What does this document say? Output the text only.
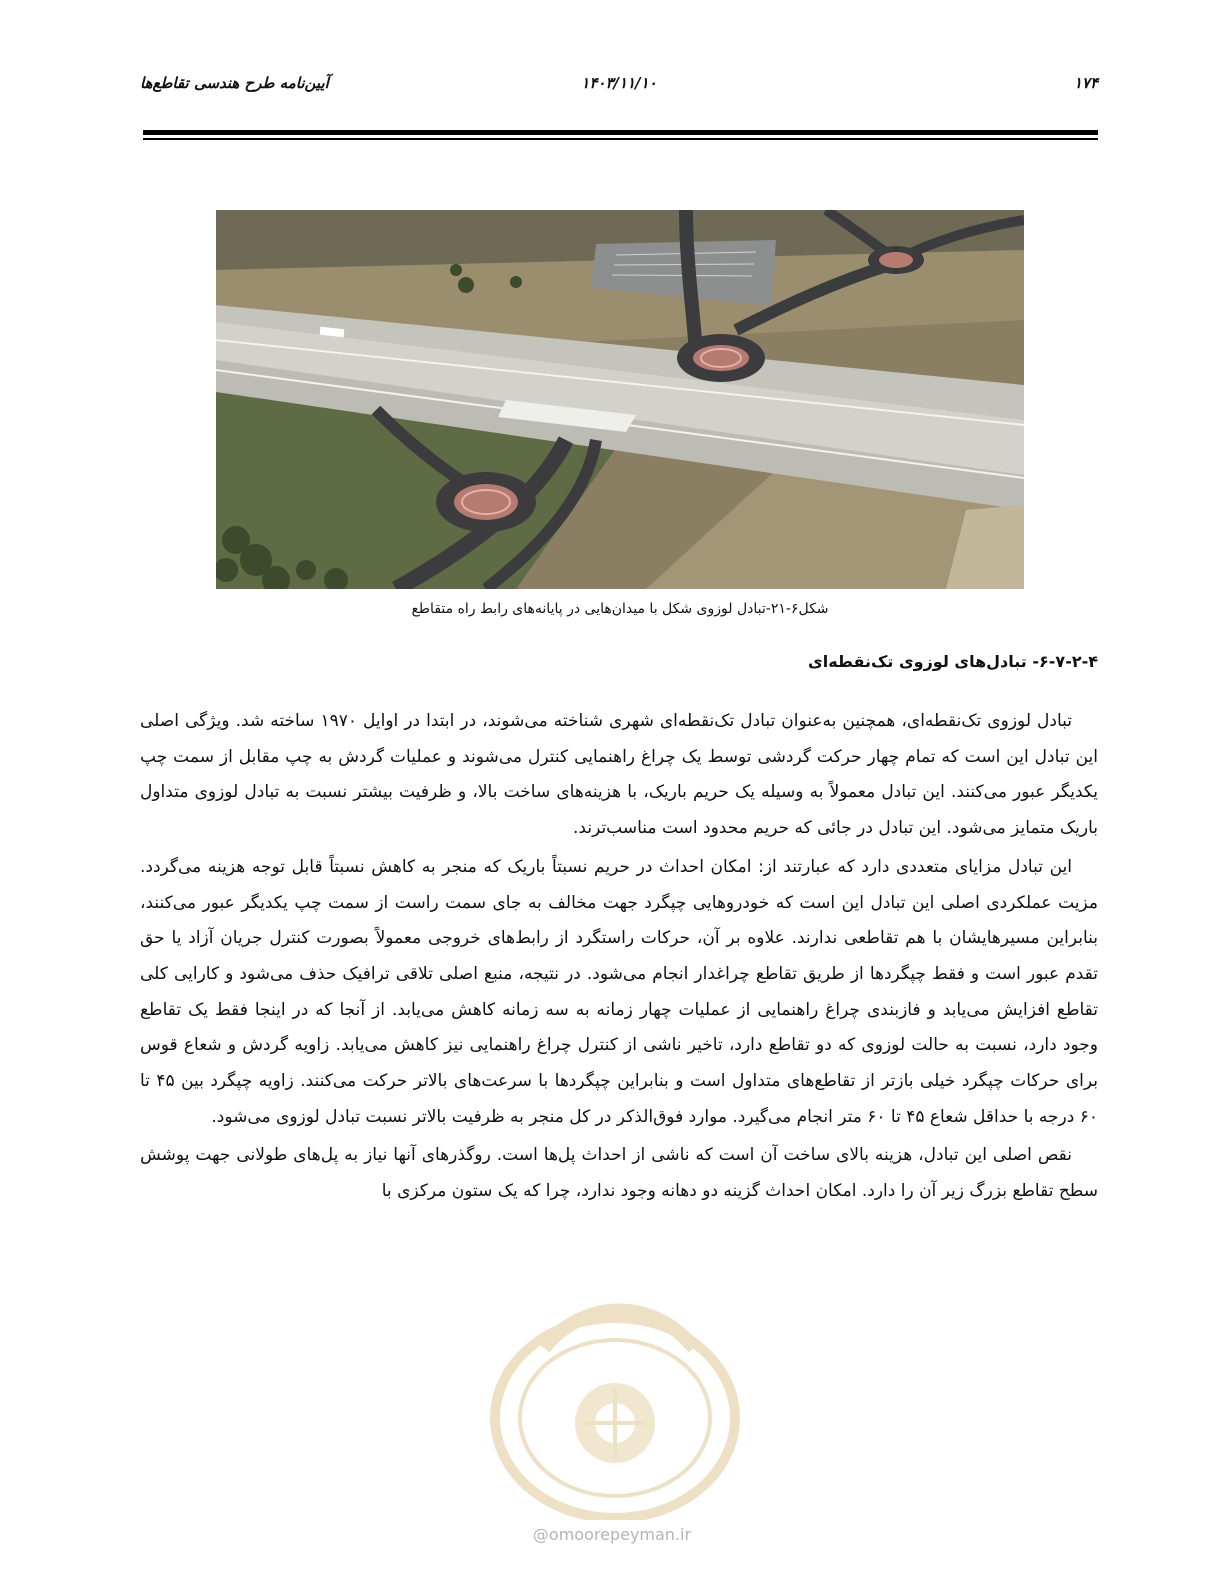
۱۷۴
۱۴۰۳/۱۱/۱۰
آیین‌نامه طرح هندسی تقاطع‌ها
شکل۶-۲۱-تبادل لوزوی شکل با میدان‌هایی در پایانه‌های رابط راه متقاطع
۶-۷-۲-۴- تبادل‌های لوزوی تک‌نقطه‌ای

تبادل لوزوی تک‌نقطه‌ای، همچنین به‌عنوان تبادل تک‌نقطه‌ای شهری شناخته می‌شوند، در ابتدا در اوایل ۱۹۷۰ ساخته شد. ویژگی اصلی این تبادل این است که تمام چهار حرکت گردشی توسط یک چراغ راهنمایی کنترل می‌شوند و عملیات گردش به چپ مقابل از سمت چپ یکدیگر عبور می‌کنند. این تبادل معمولاً به وسیله یک حریم باریک، با هزینه‌های ساخت بالا، و ظرفیت بیشتر نسبت به تبادل لوزوی متداول باریک متمایز می‌شود. این تبادل در جائی که حریم محدود است مناسب‌ترند.

این تبادل مزایای متعددی دارد که عبارتند از: امکان احداث در حریم نسبتاً باریک که منجر به کاهش نسبتاً قابل توجه هزینه می‌گردد. مزیت عملکردی اصلی این تبادل این است که خودروهایی چپگرد جهت مخالف به جای سمت راست از سمت چپ یکدیگر عبور می‌کنند، بنابراین مسیرهایشان با هم تقاطعی ندارند. علاوه بر آن، حرکات راستگرد از رابط‌های خروجی معمولاً بصورت کنترل جریان آزاد یا حق تقدم عبور است و فقط چپگردها از طریق تقاطع چراغدار انجام می‌شود. در نتیجه، منبع اصلی تلاقی ترافیک حذف می‌شود و کارایی کلی تقاطع افزایش می‌یابد و فازبندی چراغ راهنمایی از عملیات چهار زمانه به سه زمانه کاهش می‌یابد. از آنجا که در اینجا فقط یک تقاطع وجود دارد، نسبت به حالت لوزوی که دو تقاطع دارد، تاخیر ناشی از کنترل چراغ راهنمایی نیز کاهش می‌یابد. زاویه گردش و شعاع قوس برای حرکات چپگرد خیلی بازتر از تقاطع‌های متداول است و بنابراین چپگردها با سرعت‌های بالاتر حرکت می‌کنند. زاویه چپگرد بین ۴۵ تا ۶۰ درجه با حداقل شعاع ۴۵ تا ۶۰ متر انجام می‌گیرد. موارد فوق‌الذکر در کل منجر به ظرفیت بالاتر نسبت تبادل لوزوی می‌شود.

نقص اصلی این تبادل، هزینه بالای ساخت آن است که ناشی از احداث پل‌ها است. روگذرهای آنها نیاز به پل‌های طولانی جهت پوشش سطح تقاطع بزرگ زیر آن را دارد. امکان احداث گزینه دو دهانه وجود ندارد، چرا که یک ستون مرکزی با

@omoorepeyman.ir
